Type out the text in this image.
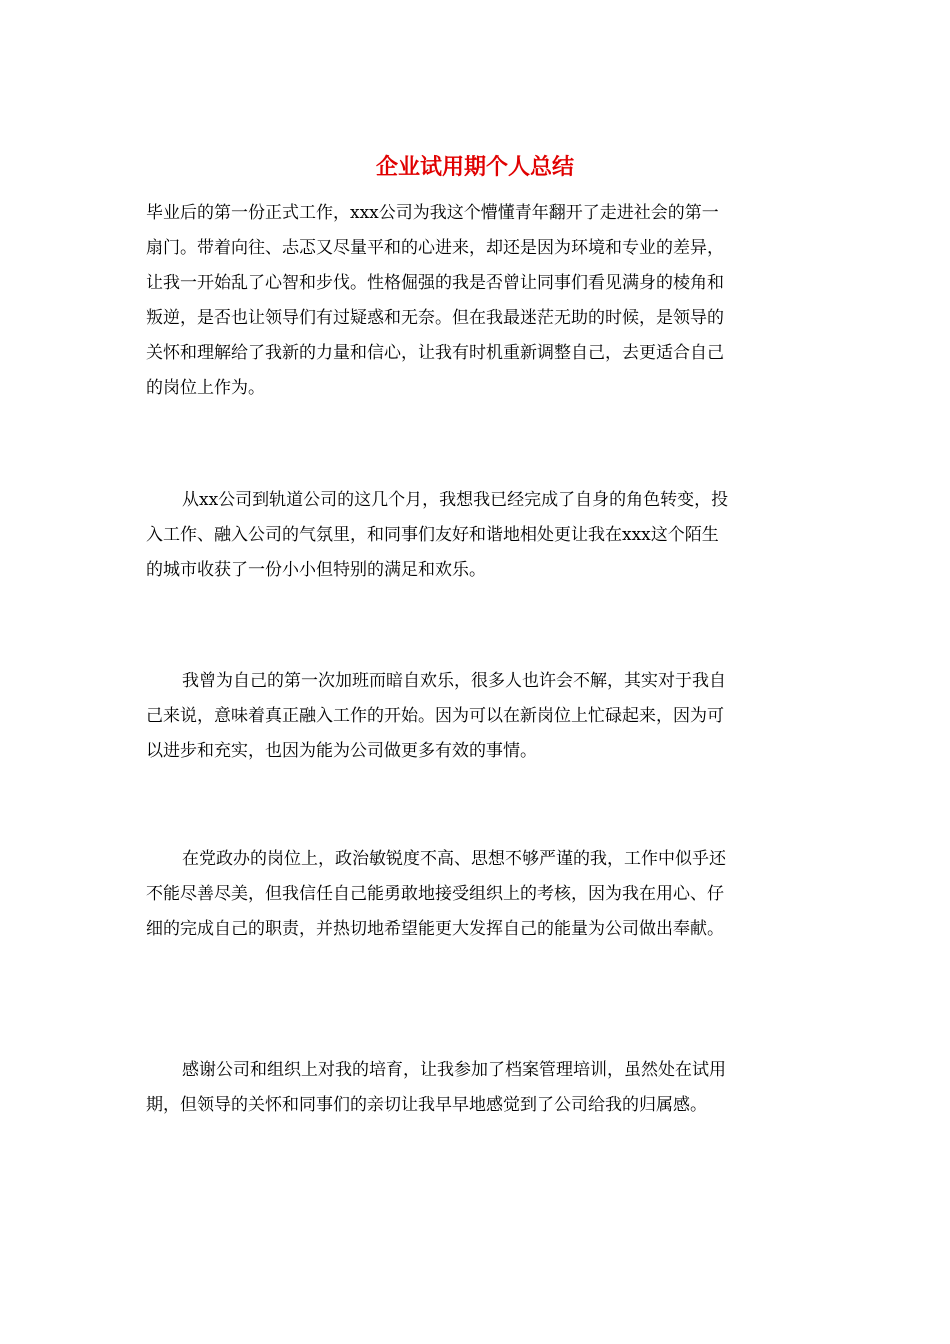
企业试用期个人总结

毕业后的第一份正式工作，xxx公司为我这个懵懂青年翻开了走进社会的第一

扇门。带着向往、忐忑又尽量平和的心进来，却还是因为环境和专业的差异，

让我一开始乱了心智和步伐。性格倔强的我是否曾让同事们看见满身的棱角和

叛逆，是否也让领导们有过疑惑和无奈。但在我最迷茫无助的时候，是领导的

关怀和理解给了我新的力量和信心，让我有时机重新调整自己，去更适合自己

的岗位上作为。

从xx公司到轨道公司的这几个月，我想我已经完成了自身的角色转变，投

入工作、融入公司的气氛里，和同事们友好和谐地相处更让我在xxx这个陌生

的城市收获了一份小小但特别的满足和欢乐。

我曾为自己的第一次加班而暗自欢乐，很多人也许会不解，其实对于我自

己来说，意味着真正融入工作的开始。因为可以在新岗位上忙碌起来，因为可

以进步和充实，也因为能为公司做更多有效的事情。

在党政办的岗位上，政治敏锐度不高、思想不够严谨的我，工作中似乎还

不能尽善尽美，但我信任自己能勇敢地接受组织上的考核，因为我在用心、仔

细的完成自己的职责，并热切地希望能更大发挥自己的能量为公司做出奉献。

感谢公司和组织上对我的培育，让我参加了档案管理培训，虽然处在试用

期，但领导的关怀和同事们的亲切让我早早地感觉到了公司给我的归属感。
